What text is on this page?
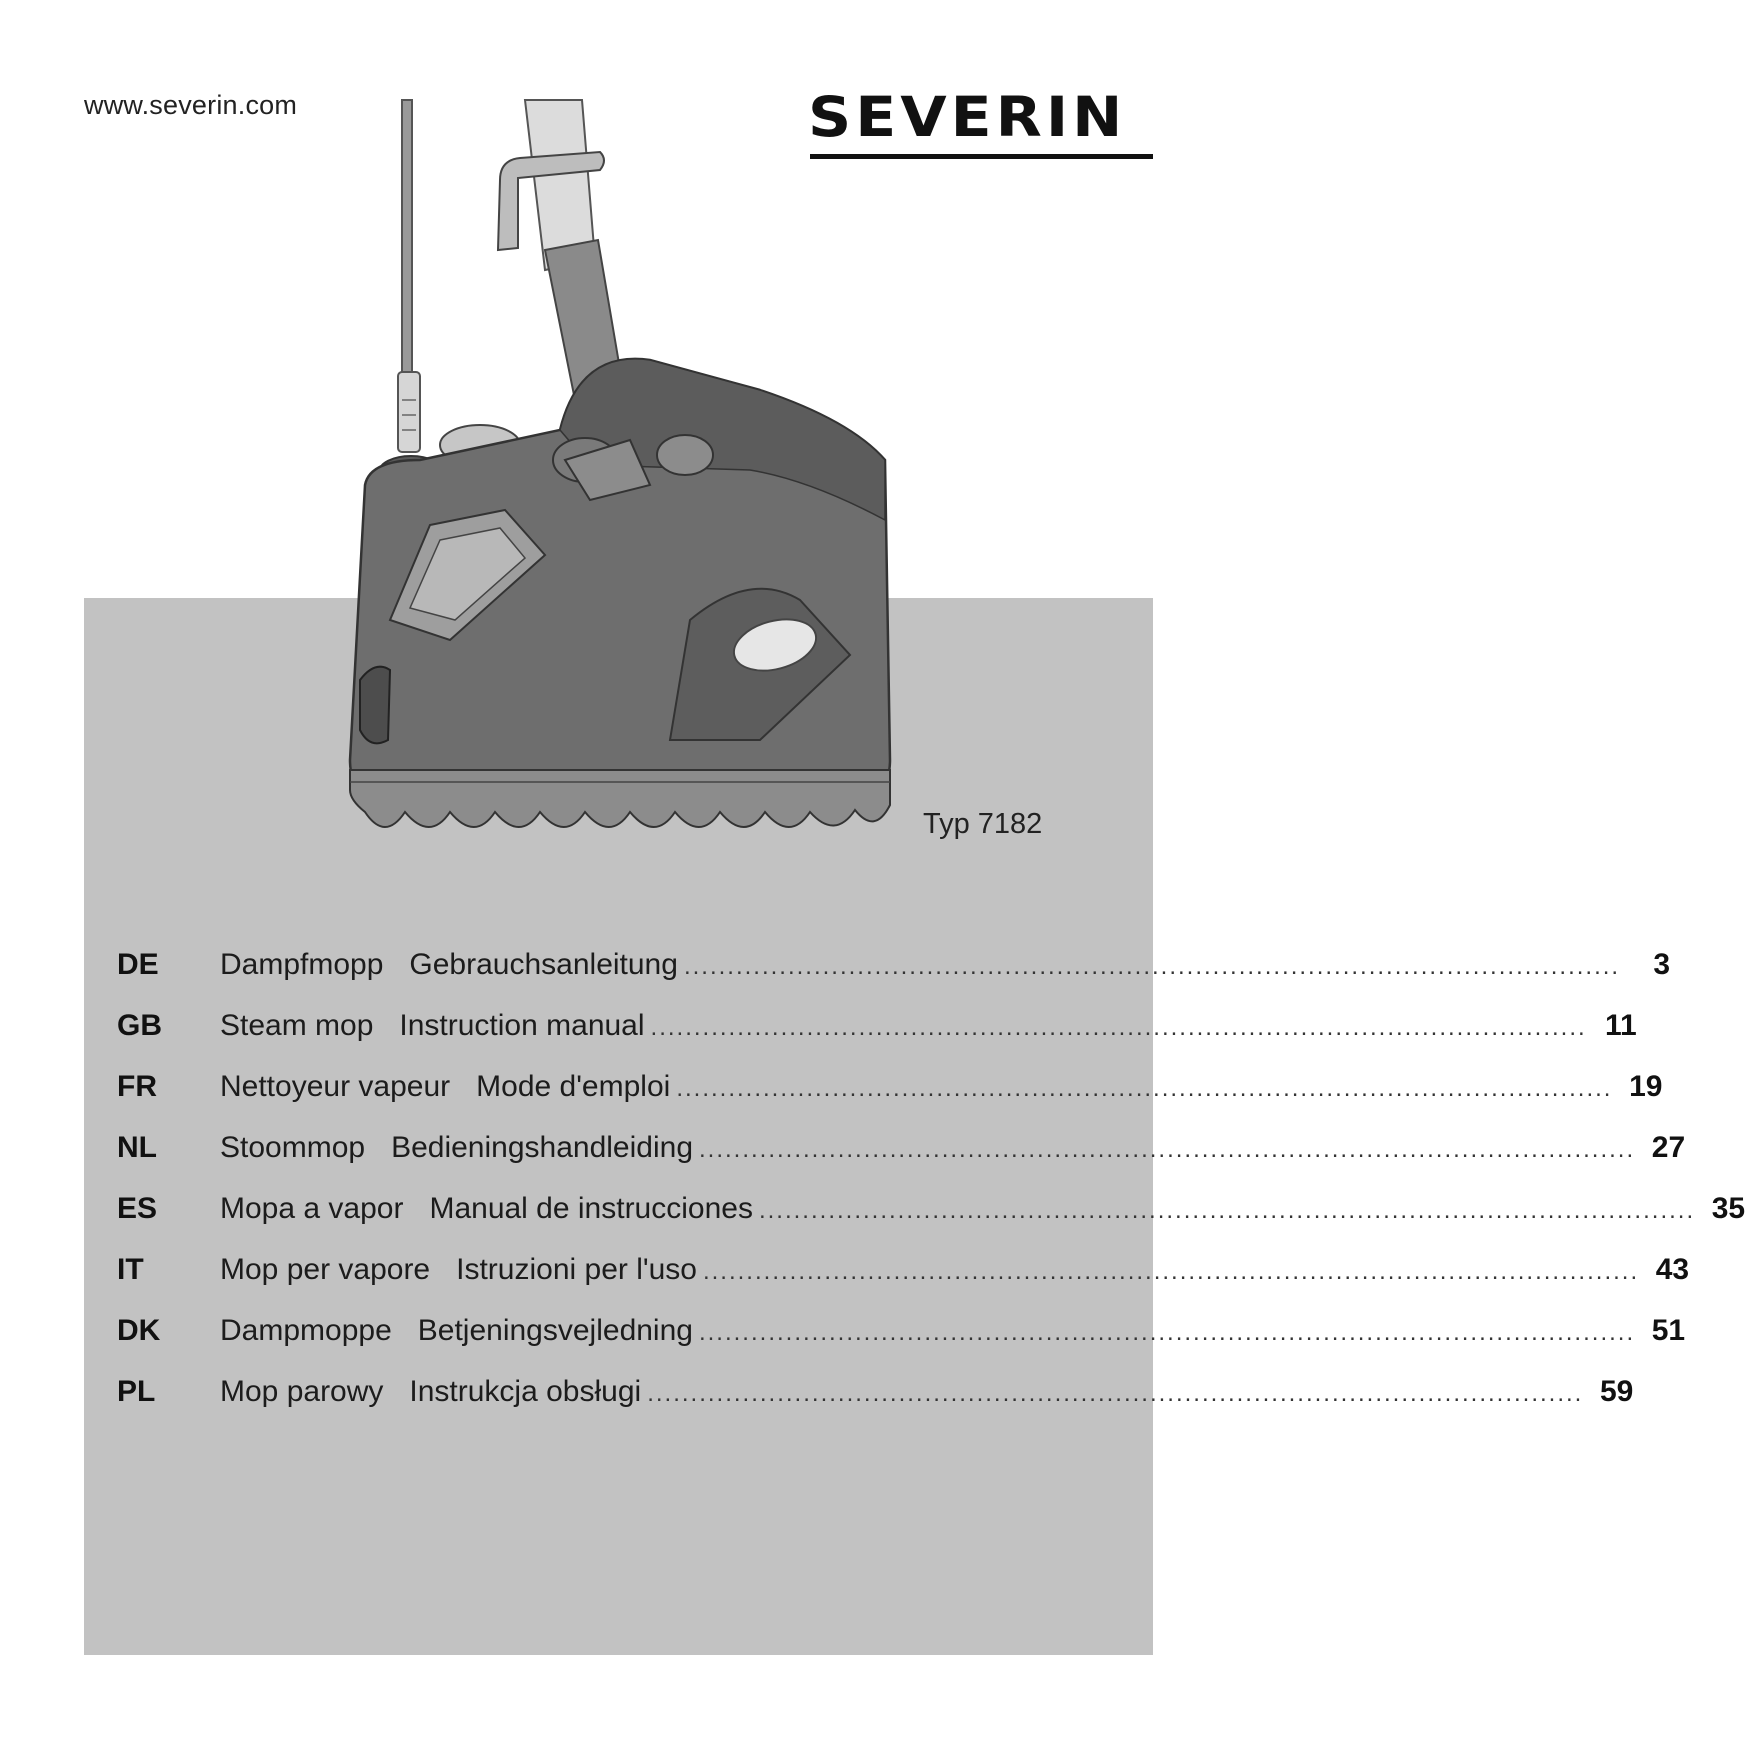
www.severin.com	SEVERIN
Typ 7182
DE	Dampfmopp Gebrauchsanleitung ............................................................................................................	3
GB	Steam mop Instruction manual ............................................................................................................ 11
FR	Nettoyeur vapeur Mode d'emploi ............................................................................................................ 19
NL	Stoommop Bedieningshandleiding ............................................................................................................ 27
ES	Mopa a vapor Manual de instrucciones ............................................................................................................ 35
IT	Mop per vapore Istruzioni per l'uso ............................................................................................................ 43
DK	Dampmoppe Betjeningsvejledning ............................................................................................................ 51
PL	Mop parowy Instrukcja obsługi ............................................................................................................ 59
